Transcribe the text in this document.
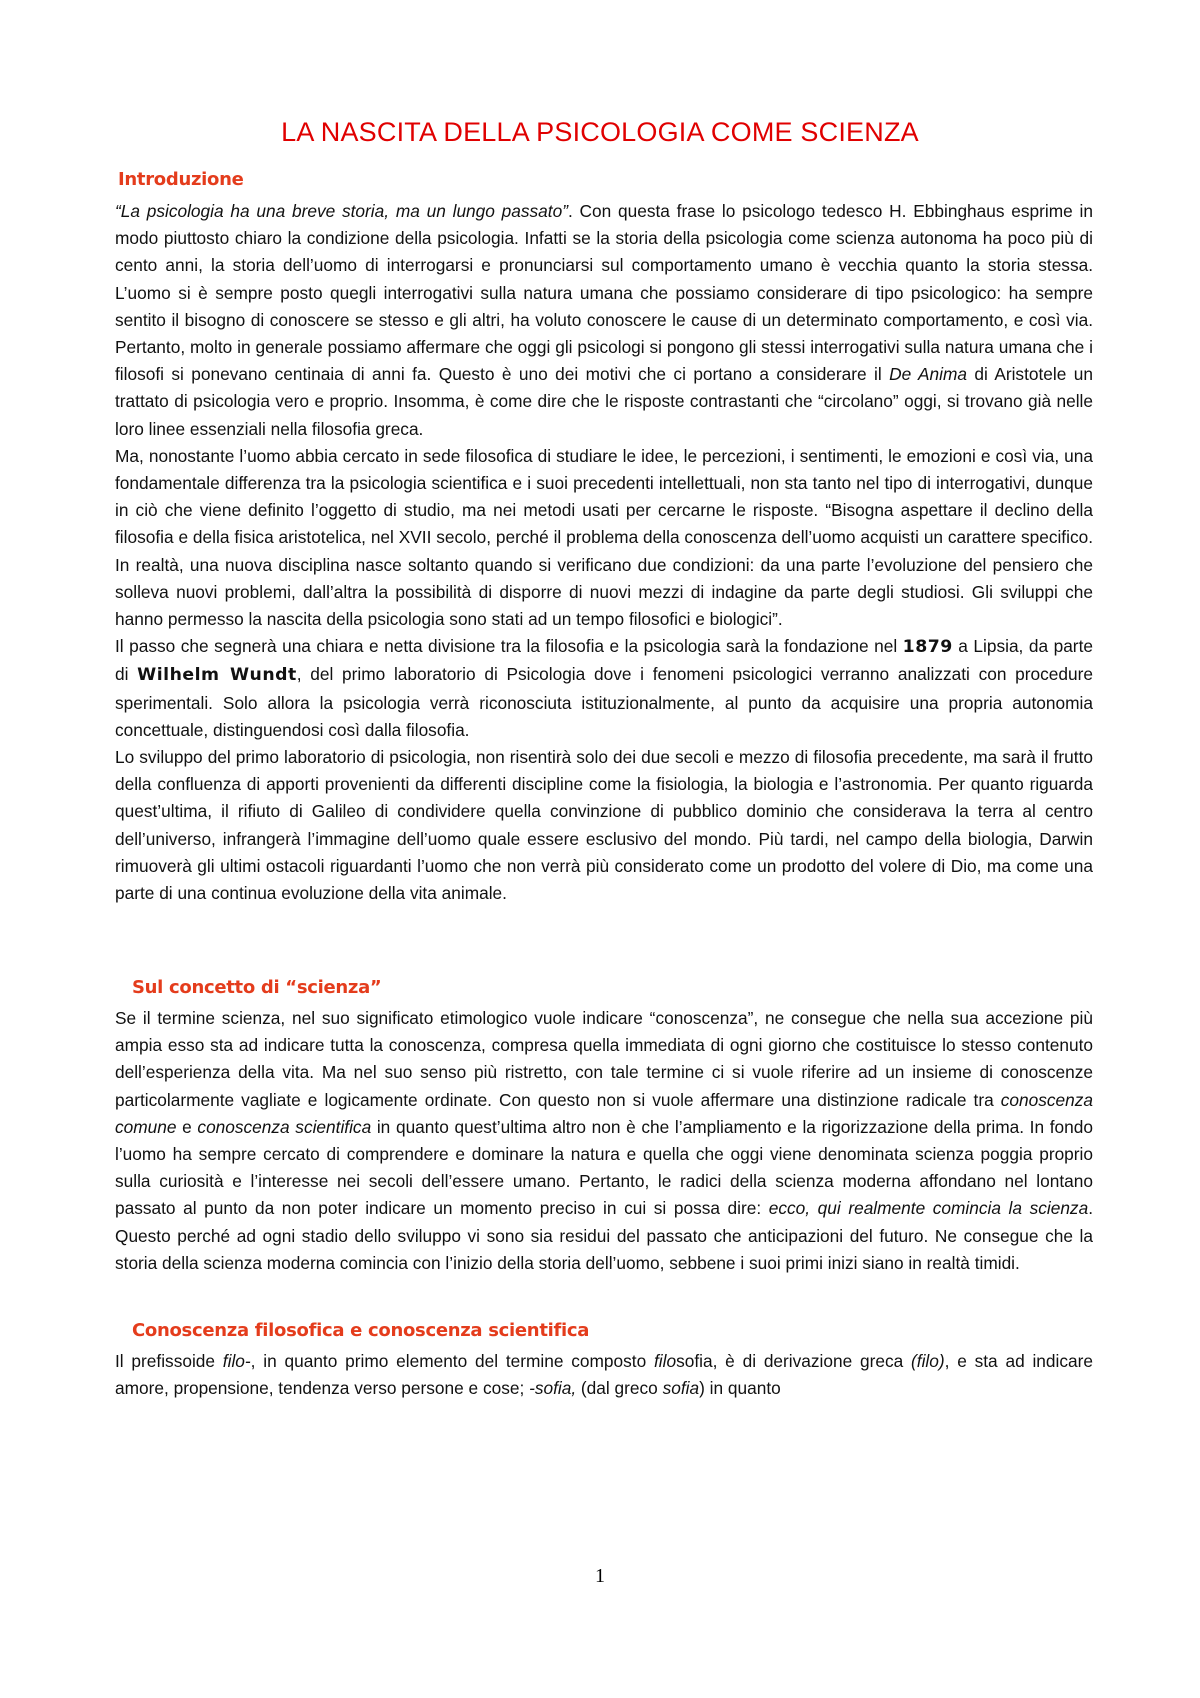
LA NASCITA DELLA PSICOLOGIA COME SCIENZA
Introduzione

“La psicologia ha una breve storia, ma un lungo passato”. Con questa frase lo psicologo tedesco H. Ebbinghaus esprime in modo piuttosto chiaro la condizione della psicologia. Infatti se la storia della psicologia come scienza autonoma ha poco più di cento anni, la storia dell’uomo di interrogarsi e pronunciarsi sul comportamento umano è vecchia quanto la storia stessa. L’uomo si è sempre posto quegli interrogativi sulla natura umana che possiamo considerare di tipo psicologico: ha sempre sentito il bisogno di conoscere se stesso e gli altri, ha voluto conoscere le cause di un determinato comportamento, e così via. Pertanto, molto in generale possiamo affermare che oggi gli psicologi si pongono gli stessi interrogativi sulla natura umana che i filosofi si ponevano centinaia di anni fa. Questo è uno dei motivi che ci portano a considerare il De Anima di Aristotele un trattato di psicologia vero e proprio. Insomma, è come dire che le risposte contrastanti che “circolano” oggi, si trovano già nelle loro linee essenziali nella filosofia greca.

Ma, nonostante l’uomo abbia cercato in sede filosofica di studiare le idee, le percezioni, i sentimenti, le emozioni e così via, una fondamentale differenza tra la psicologia scientifica e i suoi precedenti intellettuali, non sta tanto nel tipo di interrogativi, dunque in ciò che viene definito l’oggetto di studio, ma nei metodi usati per cercarne le risposte. “Bisogna aspettare il declino della filosofia e della fisica aristotelica, nel XVII secolo, perché il problema della conoscenza dell’uomo acquisti un carattere specifico. In realtà, una nuova disciplina nasce soltanto quando si verificano due condizioni: da una parte l’evoluzione del pensiero che solleva nuovi problemi, dall’altra la possibilità di disporre di nuovi mezzi di indagine da parte degli studiosi. Gli sviluppi che hanno permesso la nascita della psicologia sono stati ad un tempo filosofici e biologici”.

Il passo che segnerà una chiara e netta divisione tra la filosofia e la psicologia sarà la fondazione nel 1879 a Lipsia, da parte di Wilhelm Wundt, del primo laboratorio di Psicologia dove i fenomeni psicologici verranno analizzati con procedure sperimentali. Solo allora la psicologia verrà riconosciuta istituzionalmente, al punto da acquisire una propria autonomia concettuale, distinguendosi così dalla filosofia.

Lo sviluppo del primo laboratorio di psicologia, non risentirà solo dei due secoli e mezzo di filosofia precedente, ma sarà il frutto della confluenza di apporti provenienti da differenti discipline come la fisiologia, la biologia e l’astronomia. Per quanto riguarda quest’ultima, il rifiuto di Galileo di condividere quella convinzione di pubblico dominio che considerava la terra al centro dell’universo, infrangerà l’immagine dell’uomo quale essere esclusivo del mondo. Più tardi, nel campo della biologia, Darwin rimuoverà gli ultimi ostacoli riguardanti l’uomo che non verrà più considerato come un prodotto del volere di Dio, ma come una parte di una continua evoluzione della vita animale.

Sul concetto di “scienza”

Se il termine scienza, nel suo significato etimologico vuole indicare “conoscenza”, ne consegue che nella sua accezione più ampia esso sta ad indicare tutta la conoscenza, compresa quella immediata di ogni giorno che costituisce lo stesso contenuto dell’esperienza della vita. Ma nel suo senso più ristretto, con tale termine ci si vuole riferire ad un insieme di conoscenze particolarmente vagliate e logicamente ordinate. Con questo non si vuole affermare una distinzione radicale tra conoscenza comune e conoscenza scientifica in quanto quest’ultima altro non è che l’ampliamento e la rigorizzazione della prima. In fondo l’uomo ha sempre cercato di comprendere e dominare la natura e quella che oggi viene denominata scienza poggia proprio sulla curiosità e l’interesse nei secoli dell’essere umano. Pertanto, le radici della scienza moderna affondano nel lontano passato al punto da non poter indicare un momento preciso in cui si possa dire: ecco, qui realmente comincia la scienza. Questo perché ad ogni stadio dello sviluppo vi sono sia residui del passato che anticipazioni del futuro. Ne consegue che la storia della scienza moderna comincia con l’inizio della storia dell’uomo, sebbene i suoi primi inizi siano in realtà timidi.

Conoscenza filosofica e conoscenza scientifica

Il prefissoide filo-, in quanto primo elemento del termine composto filosofia, è di derivazione greca (filo), e sta ad indicare amore, propensione, tendenza verso persone e cose; -sofia, (dal greco sofia) in quanto

1
